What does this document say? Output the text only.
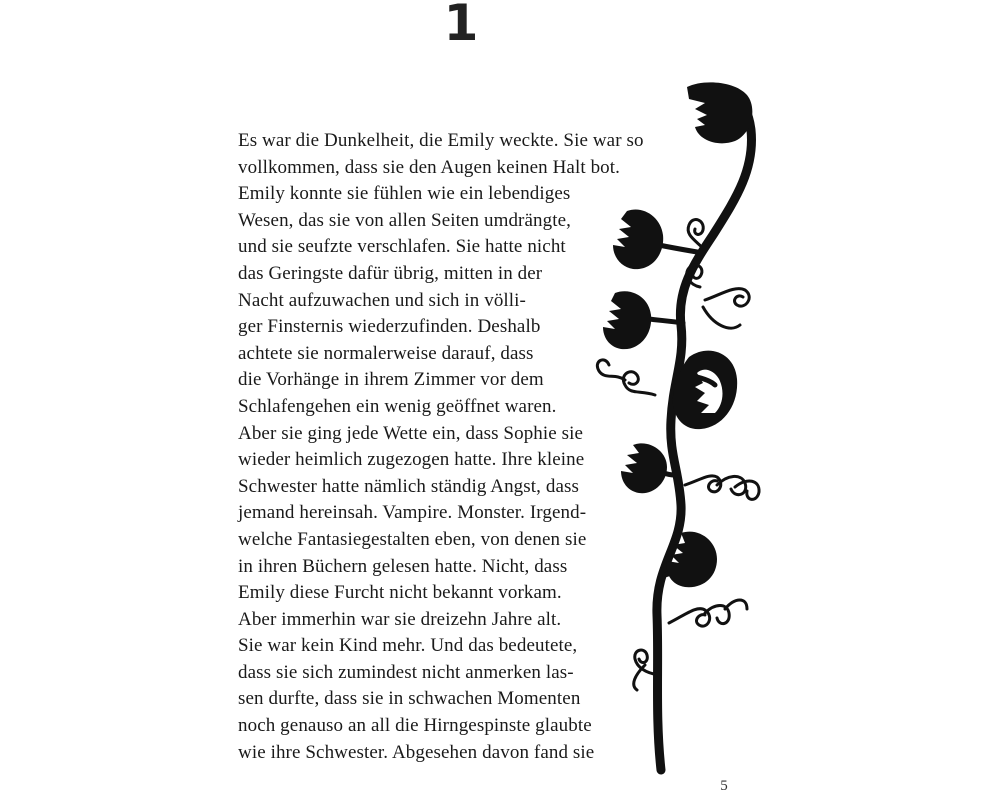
1
Es war die Dunkelheit, die Emily weckte. Sie war so
vollkommen, dass sie den Augen keinen Halt bot.
Emily konnte sie fühlen wie ein lebendiges
Wesen, das sie von allen Seiten umdrängte,
und sie seufzte verschlafen. Sie hatte nicht
das Geringste dafür übrig, mitten in der
Nacht aufzuwachen und sich in völli-
ger Finsternis wiederzufinden. Deshalb
achtete sie normalerweise darauf, dass
die Vorhänge in ihrem Zimmer vor dem
Schlafengehen ein wenig geöffnet waren.
Aber sie ging jede Wette ein, dass Sophie sie
wieder heimlich zugezogen hatte. Ihre kleine
Schwester hatte nämlich ständig Angst, dass
jemand hereinsah. Vampire. Monster. Irgend-
welche Fantasiegestalten eben, von denen sie
in ihren Büchern gelesen hatte. Nicht, dass
Emily diese Furcht nicht bekannt vorkam.
Aber immerhin war sie dreizehn Jahre alt.
Sie war kein Kind mehr. Und das bedeutete,
dass sie sich zumindest nicht anmerken las-
sen durfte, dass sie in schwachen Momenten
noch genauso an all die Hirngespinste glaubte
wie ihre Schwester. Abgesehen davon fand sie
5
